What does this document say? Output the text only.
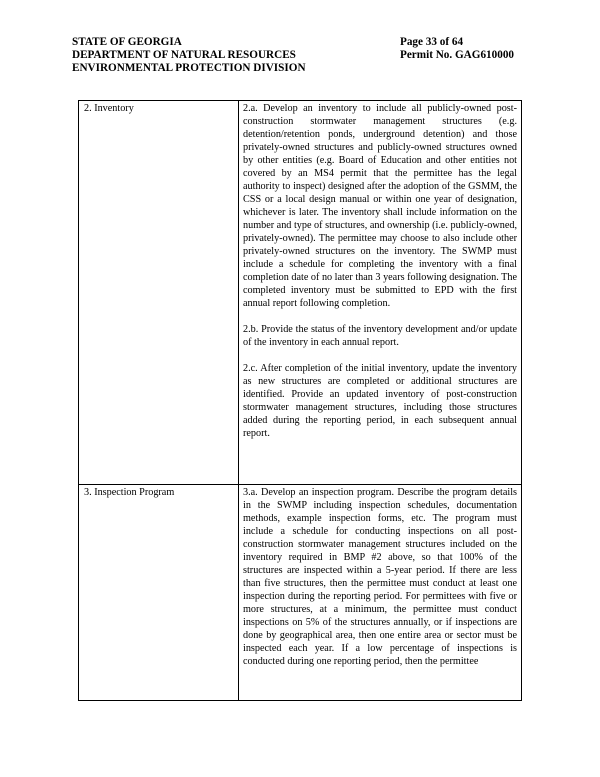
STATE OF GEORGIA	Page 33 of 64
DEPARTMENT OF NATURAL RESOURCES	Permit No. GAG610000
ENVIRONMENTAL PROTECTION DIVISION
2. Inventory	2.a. Develop an inventory to include all publicly-owned post-construction stormwater management structures (e.g. detention/retention ponds, underground detention) and those privately-owned structures and publicly-owned structures owned by other entities (e.g. Board of Education and other entities not covered by an MS4 permit that the permittee has the legal authority to inspect) designed after the adoption of the GSMM, the CSS or a local design manual or within one year of designation, whichever is later. The inventory shall include information on the number and type of structures, and ownership (i.e. publicly-owned, privately-owned). The permittee may choose to also include other privately-owned structures on the inventory. The SWMP must include a schedule for completing the inventory with a final completion date of no later than 3 years following designation. The completed inventory must be submitted to EPD with the first annual report following completion.

2.b. Provide the status of the inventory development and/or update of the inventory in each annual report.

2.c. After completion of the initial inventory, update the inventory as new structures are completed or additional structures are identified. Provide an updated inventory of post-construction stormwater management structures, including those structures added during the reporting period, in each subsequent annual report.

3. Inspection Program	3.a. Develop an inspection program. Describe the program details in the SWMP including inspection schedules, documentation methods, example inspection forms, etc. The program must include a schedule for conducting inspections on all post-construction stormwater management structures included on the inventory required in BMP #2 above, so that 100% of the structures are inspected within a 5-year period. If there are less than five structures, then the permittee must conduct at least one inspection during the reporting period. For permittees with five or more structures, at a minimum, the permittee must conduct inspections on 5% of the structures annually, or if inspections are done by geographical area, then one entire area or sector must be inspected each year. If a low percentage of inspections is conducted during one reporting period, then the permittee
